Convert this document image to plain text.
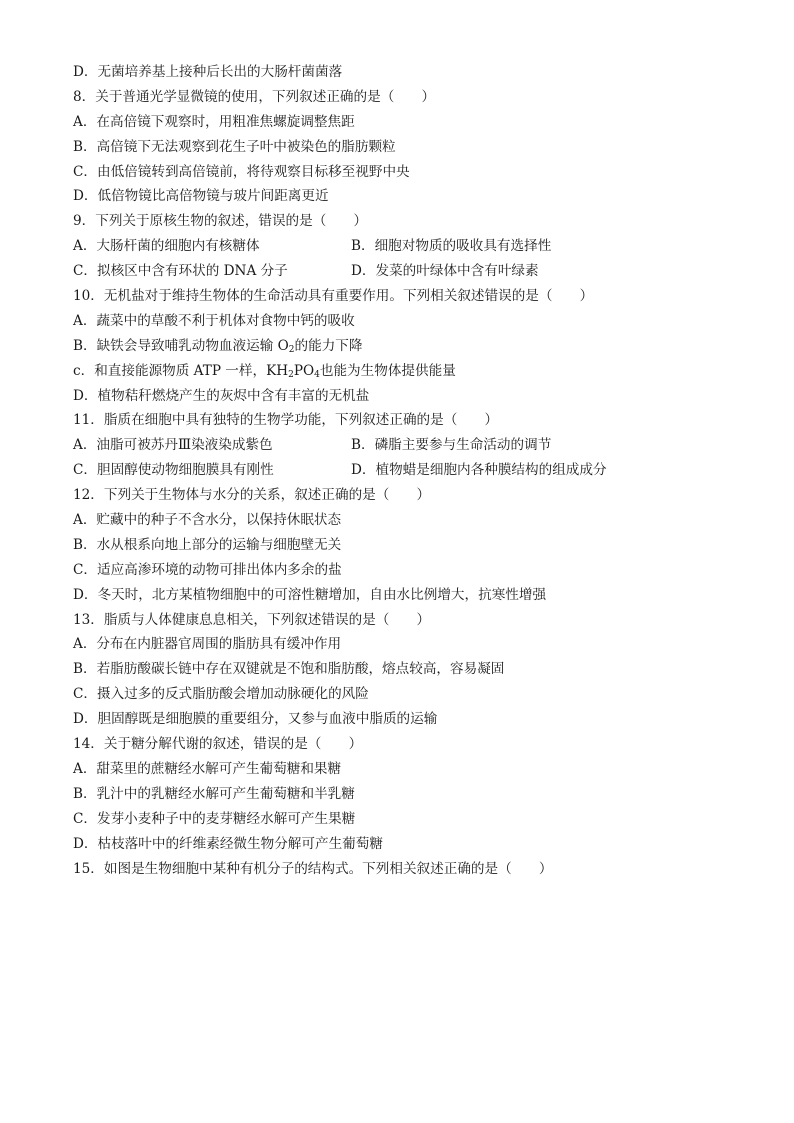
D．无菌培养基上接种后长出的大肠杆菌菌落
8．关于普通光学显微镜的使用，下列叙述正确的是（　　）
A．在高倍镜下观察时，用粗准焦螺旋调整焦距
B．高倍镜下无法观察到花生子叶中被染色的脂肪颗粒
C．由低倍镜转到高倍镜前，将待观察目标移至视野中央
D．低倍物镜比高倍物镜与玻片间距离更近
9．下列关于原核生物的叙述，错误的是（　　）
A．大肠杆菌的细胞内有核糖体	B．细胞对物质的吸收具有选择性
C．拟核区中含有环状的 DNA 分子	D．发菜的叶绿体中含有叶绿素
10．无机盐对于维持生物体的生命活动具有重要作用。下列相关叙述错误的是（　　）
A．蔬菜中的草酸不利于机体对食物中钙的吸收
B．缺铁会导致哺乳动物血液运输 $O_2$的能力下降
c．和直接能源物质 ATP 一样，$KH_2PO_4$也能为生物体提供能量
D．植物秸秆燃烧产生的灰烬中含有丰富的无机盐
11．脂质在细胞中具有独特的生物学功能，下列叙述正确的是（　　）
A．油脂可被苏丹Ⅲ染液染成紫色	B．磷脂主要参与生命活动的调节
C．胆固醇使动物细胞膜具有刚性	D．植物蜡是细胞内各种膜结构的组成成分
12．下列关于生物体与水分的关系，叙述正确的是（　　）
A．贮藏中的种子不含水分，以保持休眠状态
B．水从根系向地上部分的运输与细胞壁无关
C．适应高渗环境的动物可排出体内多余的盐
D．冬天时，北方某植物细胞中的可溶性糖增加，自由水比例增大，抗寒性增强
13．脂质与人体健康息息相关，下列叙述错误的是（　　）
A．分布在内脏器官周围的脂肪具有缓冲作用
B．若脂肪酸碳长链中存在双键就是不饱和脂肪酸，熔点较高，容易凝固
C．摄入过多的反式脂肪酸会增加动脉硬化的风险
D．胆固醇既是细胞膜的重要组分，又参与血液中脂质的运输
14．关于糖分解代谢的叙述，错误的是（　　）
A．甜菜里的蔗糖经水解可产生葡萄糖和果糖
B．乳汁中的乳糖经水解可产生葡萄糖和半乳糖
C．发芽小麦种子中的麦芽糖经水解可产生果糖
D．枯枝落叶中的纤维素经微生物分解可产生葡萄糖
15．如图是生物细胞中某种有机分子的结构式。下列相关叙述正确的是（　　）
